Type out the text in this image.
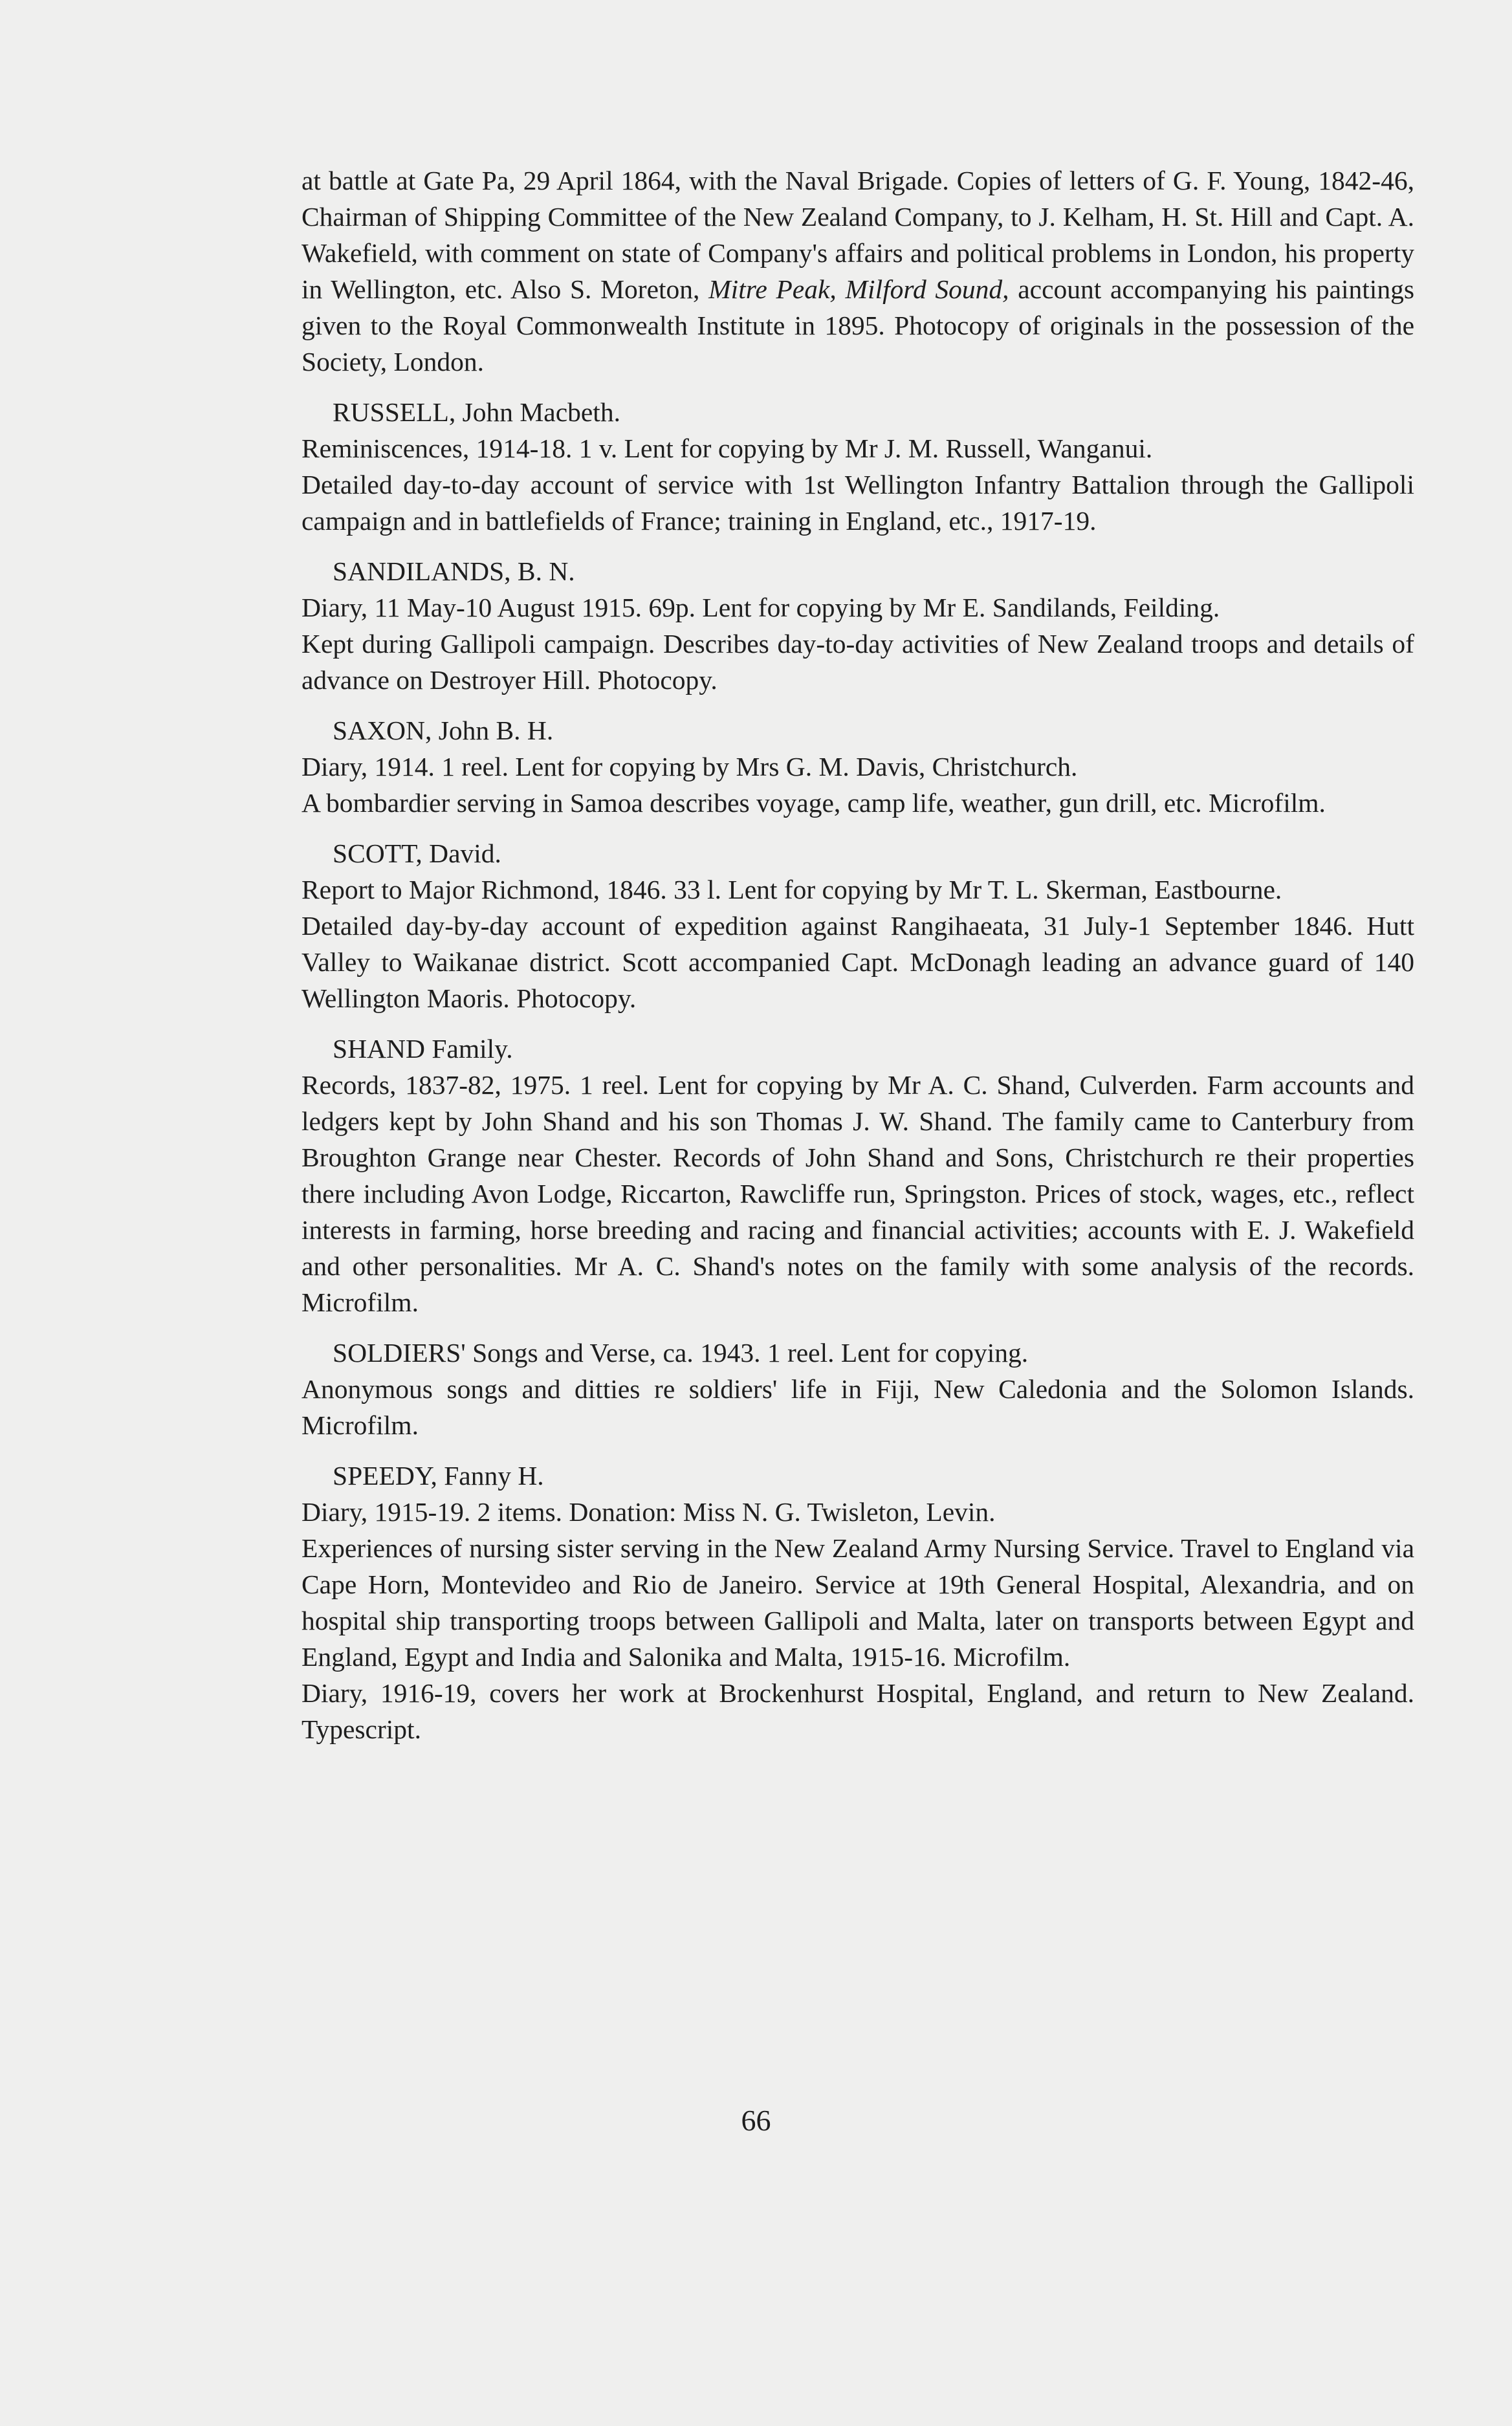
at battle at Gate Pa, 29 April 1864, with the Naval Brigade. Copies of letters of G. F. Young, 1842-46, Chairman of Shipping Committee of the New Zealand Company, to J. Kelham, H. St. Hill and Capt. A. Wakefield, with comment on state of Company's affairs and political problems in London, his property in Wellington, etc. Also S. Moreton, Mitre Peak, Milford Sound, account accompanying his paintings given to the Royal Commonwealth Institute in 1895. Photocopy of originals in the possession of the Society, London.

RUSSELL, John Macbeth.

Reminiscences, 1914-18. 1 v. Lent for copying by Mr J. M. Russell, Wanganui.

Detailed day-to-day account of service with 1st Wellington Infantry Battalion through the Gallipoli campaign and in battlefields of France; training in England, etc., 1917-19.

SANDILANDS, B. N.

Diary, 11 May-10 August 1915. 69p. Lent for copying by Mr E. Sandilands, Feilding.

Kept during Gallipoli campaign. Describes day-to-day activities of New Zealand troops and details of advance on Destroyer Hill. Photocopy.

SAXON, John B. H.

Diary, 1914. 1 reel. Lent for copying by Mrs G. M. Davis, Christchurch.

A bombardier serving in Samoa describes voyage, camp life, weather, gun drill, etc. Microfilm.

SCOTT, David.

Report to Major Richmond, 1846. 33 l. Lent for copying by Mr T. L. Skerman, Eastbourne.

Detailed day-by-day account of expedition against Rangihaeata, 31 July-1 September 1846. Hutt Valley to Waikanae district. Scott accompanied Capt. McDonagh leading an advance guard of 140 Wellington Maoris. Photocopy.

SHAND Family.

Records, 1837-82, 1975. 1 reel. Lent for copying by Mr A. C. Shand, Culverden. Farm accounts and ledgers kept by John Shand and his son Thomas J. W. Shand. The family came to Canterbury from Broughton Grange near Chester. Records of John Shand and Sons, Christchurch re their properties there including Avon Lodge, Riccarton, Rawcliffe run, Springston. Prices of stock, wages, etc., reflect interests in farming, horse breeding and racing and financial activities; accounts with E. J. Wakefield and other personalities. Mr A. C. Shand's notes on the family with some analysis of the records. Microfilm.

SOLDIERS' Songs and Verse, ca. 1943. 1 reel. Lent for copying.

Anonymous songs and ditties re soldiers' life in Fiji, New Caledonia and the Solomon Islands. Microfilm.

SPEEDY, Fanny H.

Diary, 1915-19. 2 items. Donation: Miss N. G. Twisleton, Levin.

Experiences of nursing sister serving in the New Zealand Army Nursing Service. Travel to England via Cape Horn, Montevideo and Rio de Janeiro. Service at 19th General Hospital, Alexandria, and on hospital ship transporting troops between Gallipoli and Malta, later on transports between Egypt and England, Egypt and India and Salonika and Malta, 1915-16. Microfilm.

Diary, 1916-19, covers her work at Brockenhurst Hospital, England, and return to New Zealand. Typescript.

66
